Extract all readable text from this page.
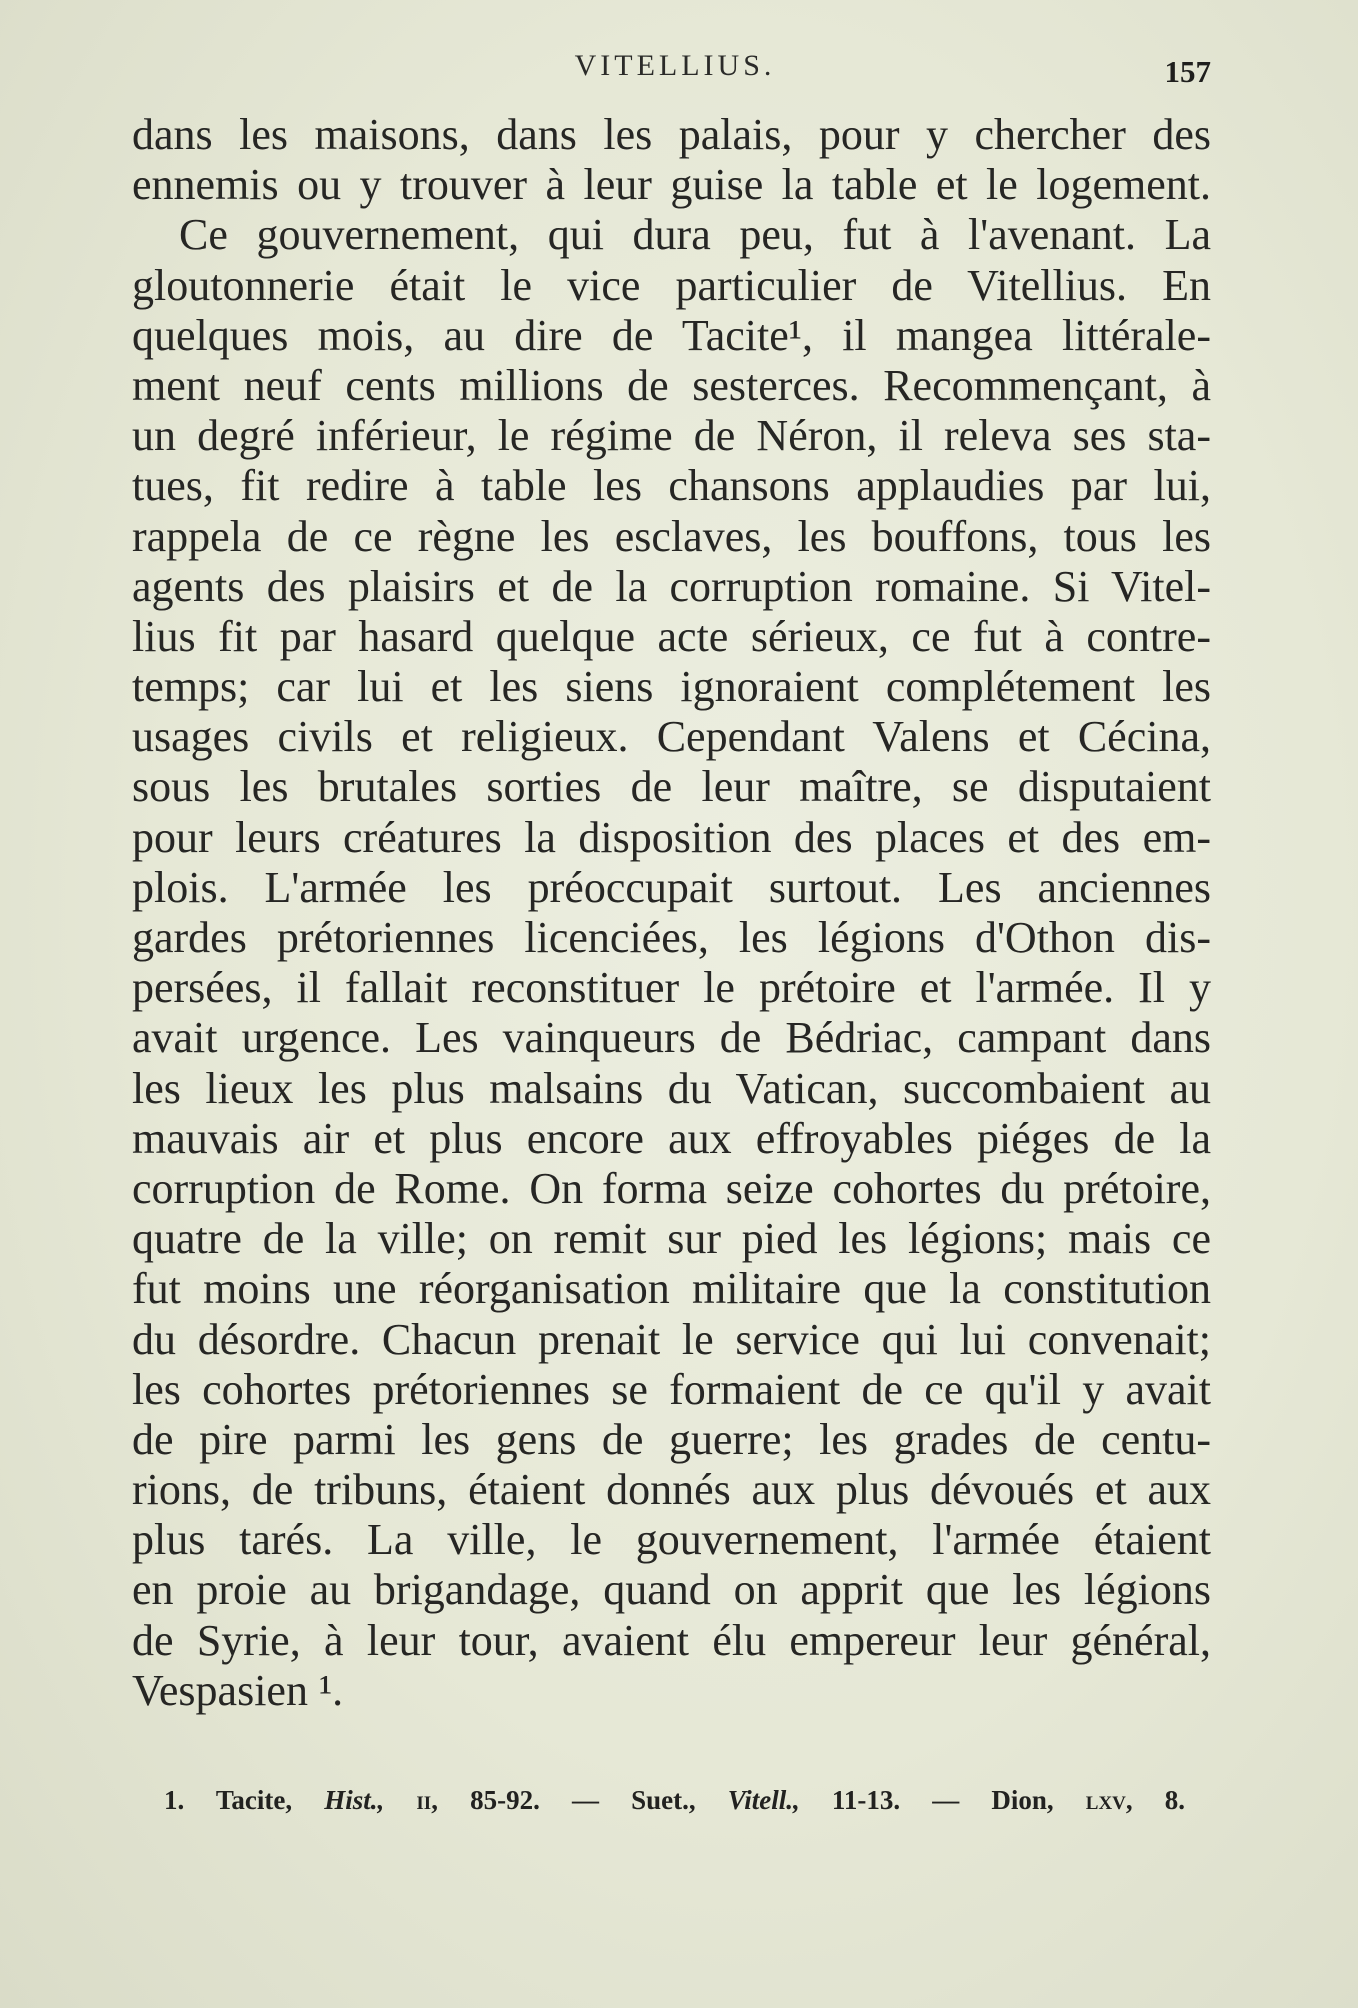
VITELLIUS.	157
dans les maisons, dans les palais, pour y chercher des
ennemis ou y trouver à leur guise la table et le logement.
Ce gouvernement, qui dura peu, fut à l'avenant. La
gloutonnerie était le vice particulier de Vitellius. En
quelques mois, au dire de Tacite¹, il mangea littérale-
ment neuf cents millions de sesterces. Recommençant, à
un degré inférieur, le régime de Néron, il releva ses sta-
tues, fit redire à table les chansons applaudies par lui,
rappela de ce règne les esclaves, les bouffons, tous les
agents des plaisirs et de la corruption romaine. Si Vitel-
lius fit par hasard quelque acte sérieux, ce fut à contre-
temps; car lui et les siens ignoraient complétement les
usages civils et religieux. Cependant Valens et Cécina,
sous les brutales sorties de leur maître, se disputaient
pour leurs créatures la disposition des places et des em-
plois. L'armée les préoccupait surtout. Les anciennes
gardes prétoriennes licenciées, les légions d'Othon dis-
persées, il fallait reconstituer le prétoire et l'armée. Il y
avait urgence. Les vainqueurs de Bédriac, campant dans
les lieux les plus malsains du Vatican, succombaient au
mauvais air et plus encore aux effroyables piéges de la
corruption de Rome. On forma seize cohortes du prétoire,
quatre de la ville; on remit sur pied les légions; mais ce
fut moins une réorganisation militaire que la constitution
du désordre. Chacun prenait le service qui lui convenait;
les cohortes prétoriennes se formaient de ce qu'il y avait
de pire parmi les gens de guerre; les grades de centu-
rions, de tribuns, étaient donnés aux plus dévoués et aux
plus tarés. La ville, le gouvernement, l'armée étaient
en proie au brigandage, quand on apprit que les légions
de Syrie, à leur tour, avaient élu empereur leur général,
Vespasien ¹.
1. Tacite, Hist., ii, 85-92. — Suet., Vitell., 11-13. — Dion, lxv, 8.
